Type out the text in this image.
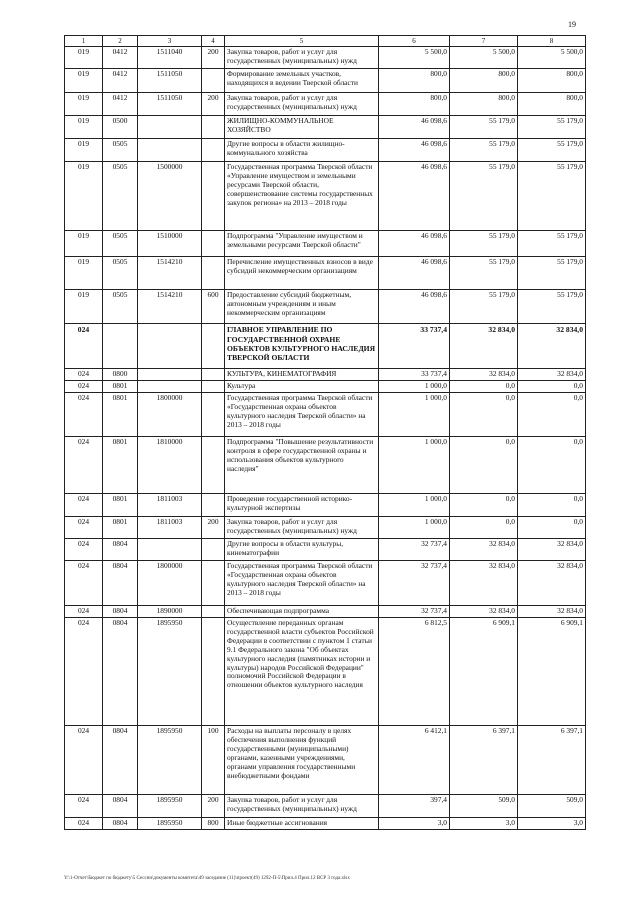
19
1	2	3	4	5	6	7	8
019	0412	1511040	200	Закупка товаров, работ и услуг для государственных (муниципальных) нужд	5 500,0	5 500,0	5 500,0
019	0412	1511050		Формирование земельных участков, находящихся в ведении Тверской области	800,0	800,0	800,0
019	0412	1511050	200	Закупка товаров, работ и услуг для государственных (муниципальных) нужд	800,0	800,0	800,0
019	0500			ЖИЛИЩНО-КОММУНАЛЬНОЕ ХОЗЯЙСТВО	46 098,6	55 179,0	55 179,0
019	0505			Другие вопросы в области жилищно-коммунального хозяйства	46 098,6	55 179,0	55 179,0
019	0505	1500000		Государственная программа Тверской области «Управление имуществом и земельными ресурсами Тверской области, совершенствование системы государственных закупок региона» на 2013 – 2018 годы	46 098,6	55 179,0	55 179,0
019	0505	1510000		Подпрограмма "Управление имуществом и земельными ресурсами Тверской области"	46 098,6	55 179,0	55 179,0
019	0505	1514210		Перечисление имущественных взносов в виде субсидий некоммерческим организациям	46 098,6	55 179,0	55 179,0
019	0505	1514210	600	Предоставление субсидий бюджетным, автономным учреждениям и иным некоммерческим организациям	46 098,6	55 179,0	55 179,0
024				ГЛАВНОЕ УПРАВЛЕНИЕ ПО ГОСУДАРСТВЕННОЙ ОХРАНЕ ОБЪЕКТОВ КУЛЬТУРНОГО НАСЛЕДИЯ ТВЕРСКОЙ ОБЛАСТИ	33 737,4	32 834,0	32 834,0
024	0800			КУЛЬТУРА, КИНЕМАТОГРАФИЯ	33 737,4	32 834,0	32 834,0
024	0801			Культура	1 000,0	0,0	0,0
024	0801	1800000		Государственная программа Тверской области «Государственная охрана объектов культурного наследия Тверской области» на 2013 – 2018 годы	1 000,0	0,0	0,0
024	0801	1810000		Подпрограмма "Повышение результативности контроля в сфере государственной охраны и использования объектов культурного наследия"	1 000,0	0,0	0,0
024	0801	1811003		Проведение государственной историко-культурной экспертизы	1 000,0	0,0	0,0
024	0801	1811003	200	Закупка товаров, работ и услуг для государственных (муниципальных) нужд	1 000,0	0,0	0,0
024	0804			Другие вопросы в области культуры, кинематографии	32 737,4	32 834,0	32 834,0
024	0804	1800000		Государственная программа Тверской области «Государственная охрана объектов культурного наследия Тверской области» на 2013 – 2018 годы	32 737,4	32 834,0	32 834,0
024	0804	1890000		Обеспечивающая подпрограмма	32 737,4	32 834,0	32 834,0
024	0804	1895950		Осуществление переданных органам государственной власти субъектов Российской Федерации в соответствии с пунктом 1 статьи 9.1 Федерального закона "Об объектах культурного наследия (памятниках истории и культуры) народов Российской Федерации" полномочий Российской Федерации в отношении объектов культурного наследия	6 812,5	6 909,1	6 909,1
024	0804	1895950	100	Расходы на выплаты персоналу в целях обеспечения выполнения функций государственными (муниципальными) органами, казенными учреждениями, органами управления государственными внебюджетными фондами	6 412,1	6 397,1	6 397,1
024	0804	1895950	200	Закупка товаров, работ и услуг для государственных (муниципальных) нужд	397,4	509,0	509,0
024	0804	1895950	800	Иные бюджетные ассигнования	3,0	3,0	3,0
Y:\1-Отчет\Бюджет по бюджету\5 Сессии\документы комитета\49 заседание (11)\проект(49) 1292-П-5\Прил.4 Прил.12 ВСР 3 года.xlsx
